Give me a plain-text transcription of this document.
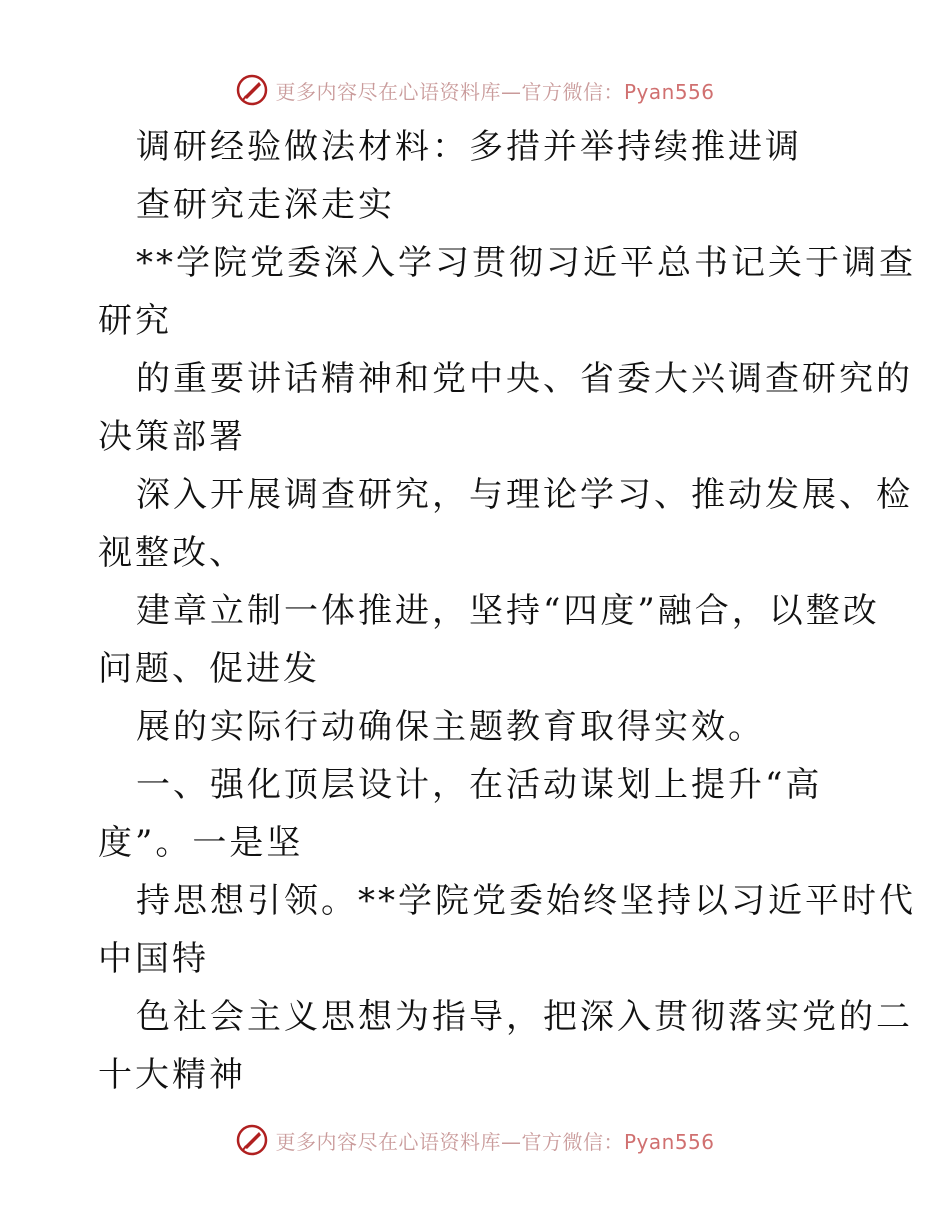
更多内容尽在心语资料库—官方微信：Pyan556
调研经验做法材料：多措并举持续推进调
查研究走深走实
**学院党委深入学习贯彻习近平总书记关于调查
研究
的重要讲话精神和党中央、省委大兴调查研究的
决策部署
深入开展调查研究，与理论学习、推动发展、检
视整改、
建章立制一体推进，坚持“四度”融合，以整改
问题、促进发
展的实际行动确保主题教育取得实效。
一、强化顶层设计，在活动谋划上提升“高
度”。一是坚
持思想引领。**学院党委始终坚持以习近平时代
中国特
色社会主义思想为指导，把深入贯彻落实党的二
十大精神
更多内容尽在心语资料库—官方微信：Pyan556
